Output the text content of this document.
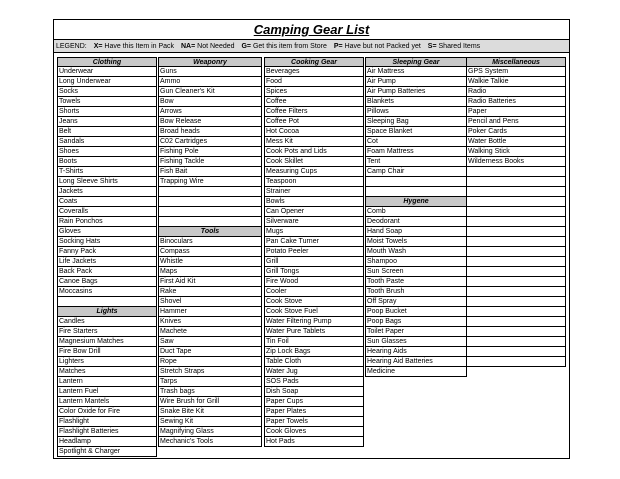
Camping Gear List
LEGEND: X= Have this Item in Pack NA= Not Needed G= Get this item from Store P= Have but not Packed yet S= Shared Items
Clothing
Underwear
Long Underwear
Socks
Towels
Shorts
Jeans
Belt
Sandals
Shoes
Boots
T-Shirts
Long Sleeve Shirts
Jackets
Coats
Coveralls
Rain Ponchos
Gloves
Socking Hats
Fanny Pack
Life Jackets
Back Pack
Canoe Bags
Moccasins
Lights
Candles
Fire Starters
Magnesium Matches
Fire Bow Drill
Lighters
Matches
Lantern
Lantern Fuel
Lantern Mantels
Color Oxide for Fire
Flashlight
Flashlight Batteries
Headlamp
Spotlight & Charger
Weaponry
Guns
Ammo
Gun Cleaner's Kit
Bow
Arrows
Bow Release
Broad heads
C02 Cartridges
Fishing Pole
Fishing Tackle
Fish Bait
Trapping Wire
Tools
Binoculars
Compass
Whistle
Maps
First Aid Kit
Rake
Shovel
Hammer
Knives
Machete
Saw
Duct Tape
Rope
Stretch Straps
Tarps
Trash bags
Wire Brush for Grill
Snake Bite Kit
Sewing Kit
Magnifying Glass
Mechanic's Tools
Cooking Gear
Beverages
Food
Spices
Coffee
Coffee Filters
Coffee Pot
Hot Cocoa
Mess Kit
Cook Pots and Lids
Cook Skillet
Measuring Cups
Teaspoon
Strainer
Bowls
Can Opener
Silverware
Mugs
Pan Cake Turner
Potato Peeler
Grill
Grill Tongs
Fire Wood
Cooler
Cook Stove
Cook Stove Fuel
Water Filtering Pump
Water Pure Tablets
Tin Foil
Zip Lock Bags
Table Cloth
Water Jug
SOS Pads
Dish Soap
Paper Cups
Paper Plates
Paper Towels
Cook Gloves
Hot Pads
Sleeping Gear
Air Mattress
Air Pump
Air Pump Batteries
Blankets
Pillows
Sleeping Bag
Space Blanket
Cot
Foam Mattress
Tent
Camp Chair
Hygene
Comb
Deodorant
Hand Soap
Moist Towels
Mouth Wash
Shampoo
Sun Screen
Tooth Paste
Tooth Brush
Off Spray
Poop Bucket
Poop Bags
Toilet Paper
Sun Glasses
Hearing Aids
Hearing Aid Batteries
Medicine
Miscellaneous
GPS System
Walkie Talkie
Radio
Radio Batteries
Paper
Pencil and Pens
Poker Cards
Water Bottle
Walking Stick
Wilderness Books
